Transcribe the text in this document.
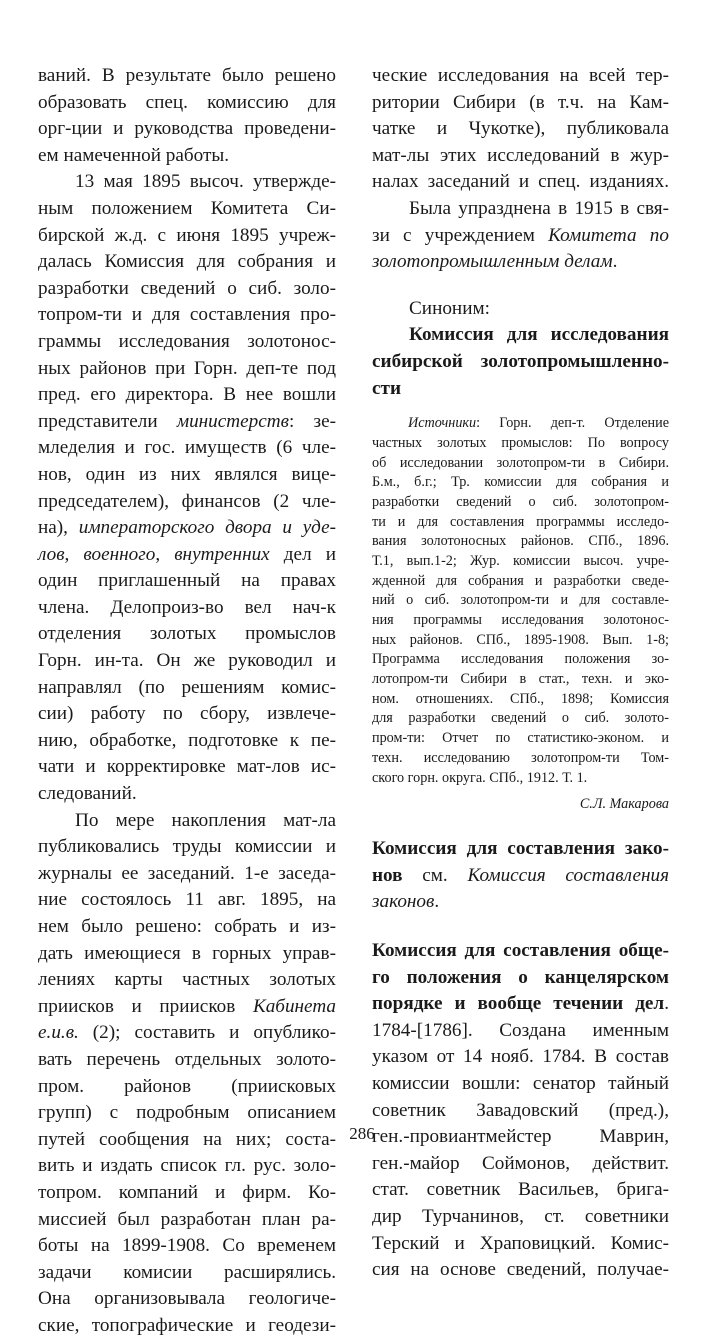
ваний. В результате было решено
образовать спец. комиссию для
орг-ции и руководства проведени-
ем намеченной работы.
13 мая 1895 высоч. утвержде-
ным положением Комитета Си-
бирской ж.д. с июня 1895 учреж-
далась Комиссия для собрания и
разработки сведений о сиб. золо-
топром-ти и для составления про-
граммы исследования золотонос-
ных районов при Горн. деп-те под
пред. его директора. В нее вошли
представители министерств: зе-
мледелия и гос. имуществ (6 чле-
нов, один из них являлся вице-
председателем), финансов (2 чле-
на), императорского двора и уде-
лов, военного, внутренних дел и
один приглашенный на правах
члена. Делопроиз-во вел нач-к
отделения золотых промыслов
Горн. ин-та. Он же руководил и
направлял (по решениям комис-
сии) работу по сбору, извлече-
нию, обработке, подготовке к пе-
чати и корректировке мат-лов ис-
следований.
По мере накопления мат-ла
публиковались труды комиссии и
журналы ее заседаний. 1-е заседа-
ние состоялось 11 авг. 1895, на
нем было решено: собрать и из-
дать имеющиеся в горных управ-
лениях карты частных золотых
приисков и приисков Кабинета
е.и.в. (2); составить и опублико-
вать перечень отдельных золото-
пром. районов (приисковых
групп) с подробным описанием
путей сообщения на них; соста-
вить и издать список гл. рус. золо-
топром. компаний и фирм. Ко-
миссией был разработан план ра-
боты на 1899-1908. Со временем
задачи комисии расширялись.
Она организовывала геологиче-
ские, топографические и геодези-
ческие исследования на всей тер-
ритории Сибири (в т.ч. на Кам-
чатке и Чукотке), публиковала
мат-лы этих исследований в жур-
налах заседаний и спец. изданиях.
Была упразднена в 1915 в свя-
зи с учреждением Комитета по
золотопромышленным делам.
Синоним:
Комиссия для исследования
сибирской золотопромышленно-
сти
Источники: Горн. деп-т. Отделение
частных золотых промыслов: По вопросу
об исследовании золотопром-ти в Сибири.
Б.м., б.г.; Тр. комиссии для собрания и
разработки сведений о сиб. золотопром-
ти и для составления программы исследо-
вания золотоносных районов. СПб., 1896.
Т.1, вып.1-2; Жур. комиссии высоч. учре-
жденной для собрания и разработки сведе-
ний о сиб. золотопром-ти и для составле-
ния программы исследования золотонос-
ных районов. СПб., 1895-1908. Вып. 1-8;
Программа исследования положения зо-
лотопром-ти Сибири в стат., техн. и эко-
ном. отношениях. СПб., 1898; Комиссия
для разработки сведений о сиб. золото-
пром-ти: Отчет по статистико-эконом. и
техн. исследованию золотопром-ти Том-
ского горн. округа. СПб., 1912. Т. 1.
С.Л. Макарова
Комиссия для составления зако-
нов см. Комиссия составления
законов.
Комиссия для составления обще-
го положения о канцелярском
порядке и вообще течении дел.
1784-[1786]. Создана именным
указом от 14 нояб. 1784. В состав
комиссии вошли: сенатор тайный
советник Завадовский (пред.),
ген.-провиантмейстер Маврин,
ген.-майор Соймонов, действит.
стат. советник Васильев, брига-
дир Турчанинов, ст. советники
Терский и Храповицкий. Комис-
сия на основе сведений, получае-
286
